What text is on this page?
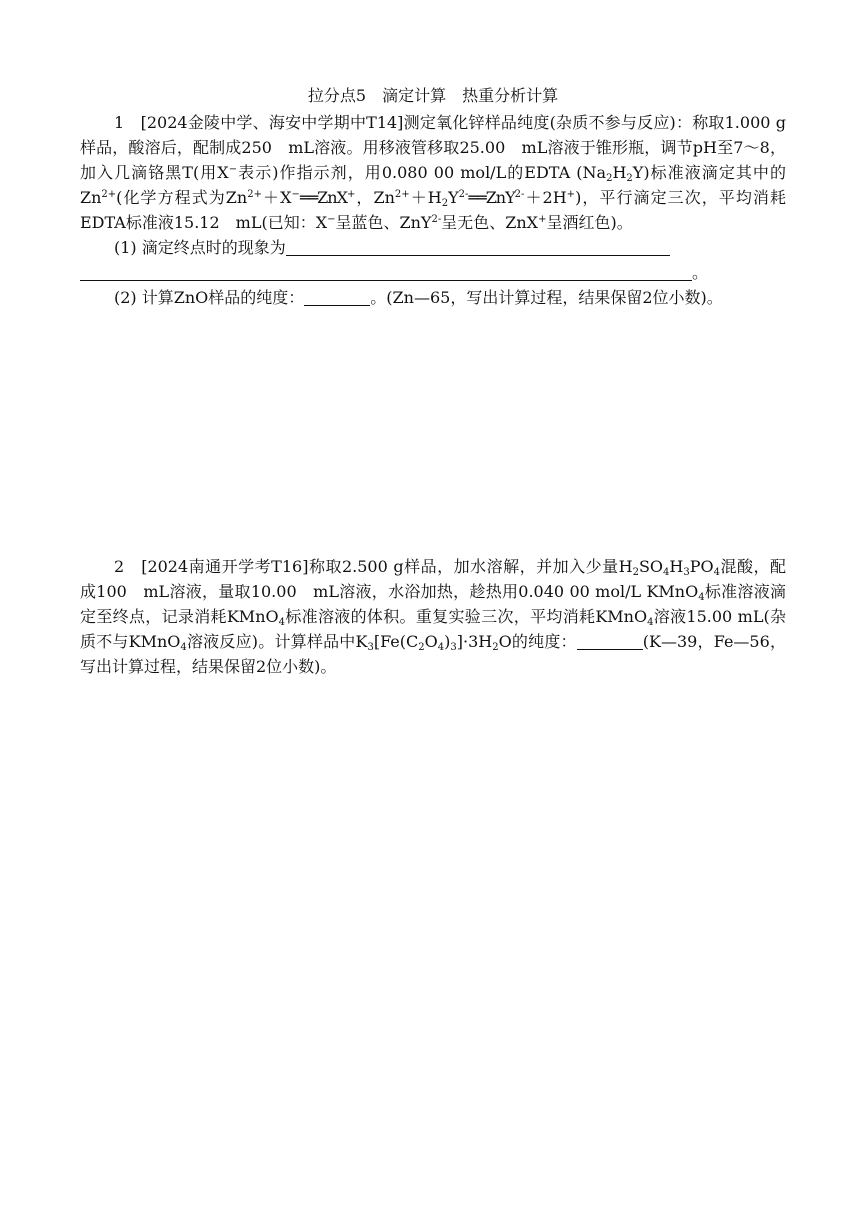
拉分点5　滴定计算　热重分析计算

1　 [2024金陵中学、海安中学期中T14]测定氧化锌样品纯度(杂质不参与反应)：称取1.000 g样品，酸溶后，配制成250　mL溶液。用移液管移取25.00　mL溶液于锥形瓶，调节pH至7～8，加入几滴铬黑T(用X−表示)作指示剂，用0.080 00 mol/L的EDTA $(Na_2H_2Y)$标准液滴定其中的$Zn^{2+}$(化学方程式为$Zn^{2+}+X^-══ZnX^+$，$Zn^{2+}+H_2Y^{2-}══ZnY^{2-}+2H^+$)，平行滴定三次，平均消耗EDTA标准液15.12　mL(已知：X−呈蓝色、ZnY$^{2-}$呈无色、ZnX+呈酒红色)。

(1) 滴定终点时的现象为

。

(2) 计算ZnO样品的纯度：	。(Zn—65，写出计算过程，结果保留2位小数)。

2　 [2024南通开学考T16]称取2.500 g样品，加水溶解，并加入少量$H_2SO_4H_3PO_4$混酸，配成100　mL溶液，量取10.00　mL溶液，水浴加热，趁热用0.040 00 mol/L KMnO$_4$标准溶液滴定至终点，记录消耗KMnO$_4$标准溶液的体积。重复实验三次，平均消耗KMnO$_4$溶液15.00 mL(杂质不与KMnO$_4$溶液反应)。计算样品中$K_3[Fe(C_2O_4)_3]\cdot 3H_2O$的纯度：	(K—39，Fe—56，写出计算过程，结果保留2位小数)。
